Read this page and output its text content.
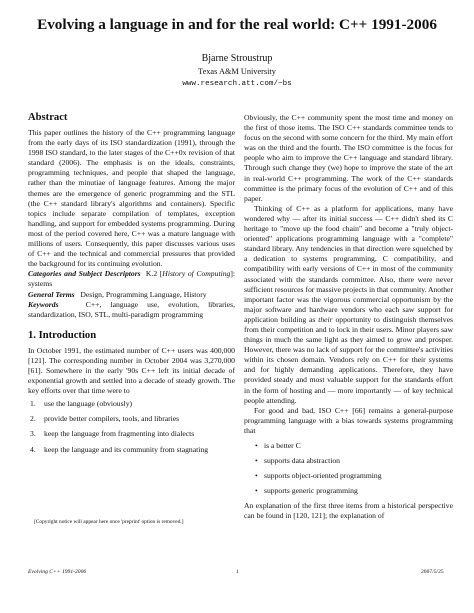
Evolving a language in and for the real world: C++ 1991-2006
Bjarne Stroustrup
Texas A&M University
www.research.att.com/~bs
Abstract

This paper outlines the history of the C++ programming language from the early days of its ISO standardization (1991), through the 1998 ISO standard, to the later stages of the C++0x revision of that standard (2006). The emphasis is on the ideals, constraints, programming techniques, and people that shaped the language, rather than the minutiae of language features. Among the major themes are the emergence of generic programming and the STL (the C++ standard library's algorithms and containers). Specific topics include separate compilation of templates, exception handling, and support for embedded systems programming. During most of the period covered here, C++ was a mature language with millions of users. Consequently, this paper discusses various uses of C++ and the technical and commercial pressures that provided the background for its continuing evolution.

Categories and Subject Descriptors K.2 [History of Computing]: systems

General Terms Design, Programming Language, History

Keywords	C++, language use, evolution, libraries, standardization, ISO, STL, multi-paradigm programming

1. Introduction

In October 1991, the estimated number of C++ users was 400,000 [121]. The corresponding number in October 2004 was 3,270,000 [61]. Somewhere in the early '90s C++ left its initial decade of exponential growth and settled into a decade of steady growth. The key efforts over that time were to

1. use the language (obviously)
2. provide better compilers, tools, and libraries
3. keep the language from fragmenting into dialects
4. keep the language and its community from stagnating
[Copyright notice will appear here once 'preprint' option is removed.]

Obviously, the C++ community spent the most time and money on the first of those items. The ISO C++ standards committee tends to focus on the second with some concern for the third. My main effort was on the third and the fourth. The ISO committee is the focus for people who aim to improve the C++ language and standard library. Through such change they (we) hope to improve the state of the art in real-world C++ programming. The work of the C++ standards committee is the primary focus of the evolution of C++ and of this paper.

Thinking of C++ as a platform for applications, many have wondered why — after its initial success — C++ didn't shed its C heritage to "move up the food chain" and become a "truly object-oriented" applications programming language with a "complete" standard library. Any tendencies in that direction were squelched by a dedication to systems programming, C compatibility, and compatibility with early versions of C++ in most of the community associated with the standards committee. Also, there were never sufficient resources for massive projects in that community. Another important factor was the vigorous commercial opportunism by the major software and hardware vendors who each saw support for application building as their opportunity to distinguish themselves from their competition and to lock in their users. Minor players saw things in much the same light as they aimed to grow and prosper. However, there was no lack of support for the committee's activities within its chosen domain. Vendors rely on C++ for their systems and for highly demanding applications. Therefore, they have provided steady and most valuable support for the standards effort in the form of hosting and — more importantly — of key technical people attending.

For good and bad, ISO C++ [66] remains a general-purpose programming language with a bias towards systems programming that

• is a better C
• supports data abstraction
• supports object-oriented programming
• supports generic programming

An explanation of the first three items from a historical perspective can be found in [120, 121]; the explanation of

Evolving C++ 1991-2006	1	2007/5/25
